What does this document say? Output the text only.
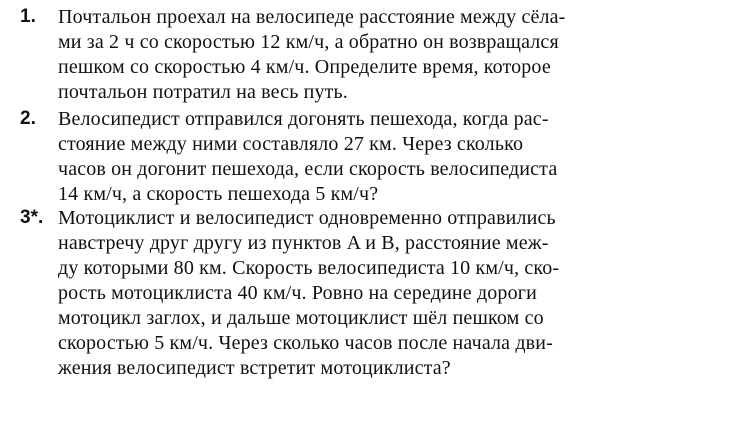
1. Почтальон проехал на велосипеде расстояние между сёла-
ми за 2 ч со скоростью 12 км/ч, а обратно он возвращался
пешком со скоростью 4 км/ч. Определите время, которое
почтальон потратил на весь путь.
2. Велосипедист отправился догонять пешехода, когда рас-
стояние между ними составляло 27 км. Через сколько
часов он догонит пешехода, если скорость велосипедиста
14 км/ч, а скорость пешехода 5 км/ч?
3*. Мотоциклист и велосипедист одновременно отправились
навстречу друг другу из пунктов A и B, расстояние меж-
ду которыми 80 км. Скорость велосипедиста 10 км/ч, ско-
рость мотоциклиста 40 км/ч. Ровно на середине дороги
мотоцикл заглох, и дальше мотоциклист шёл пешком со
скоростью 5 км/ч. Через сколько часов после начала дви-
жения велосипедист встретит мотоциклиста?
